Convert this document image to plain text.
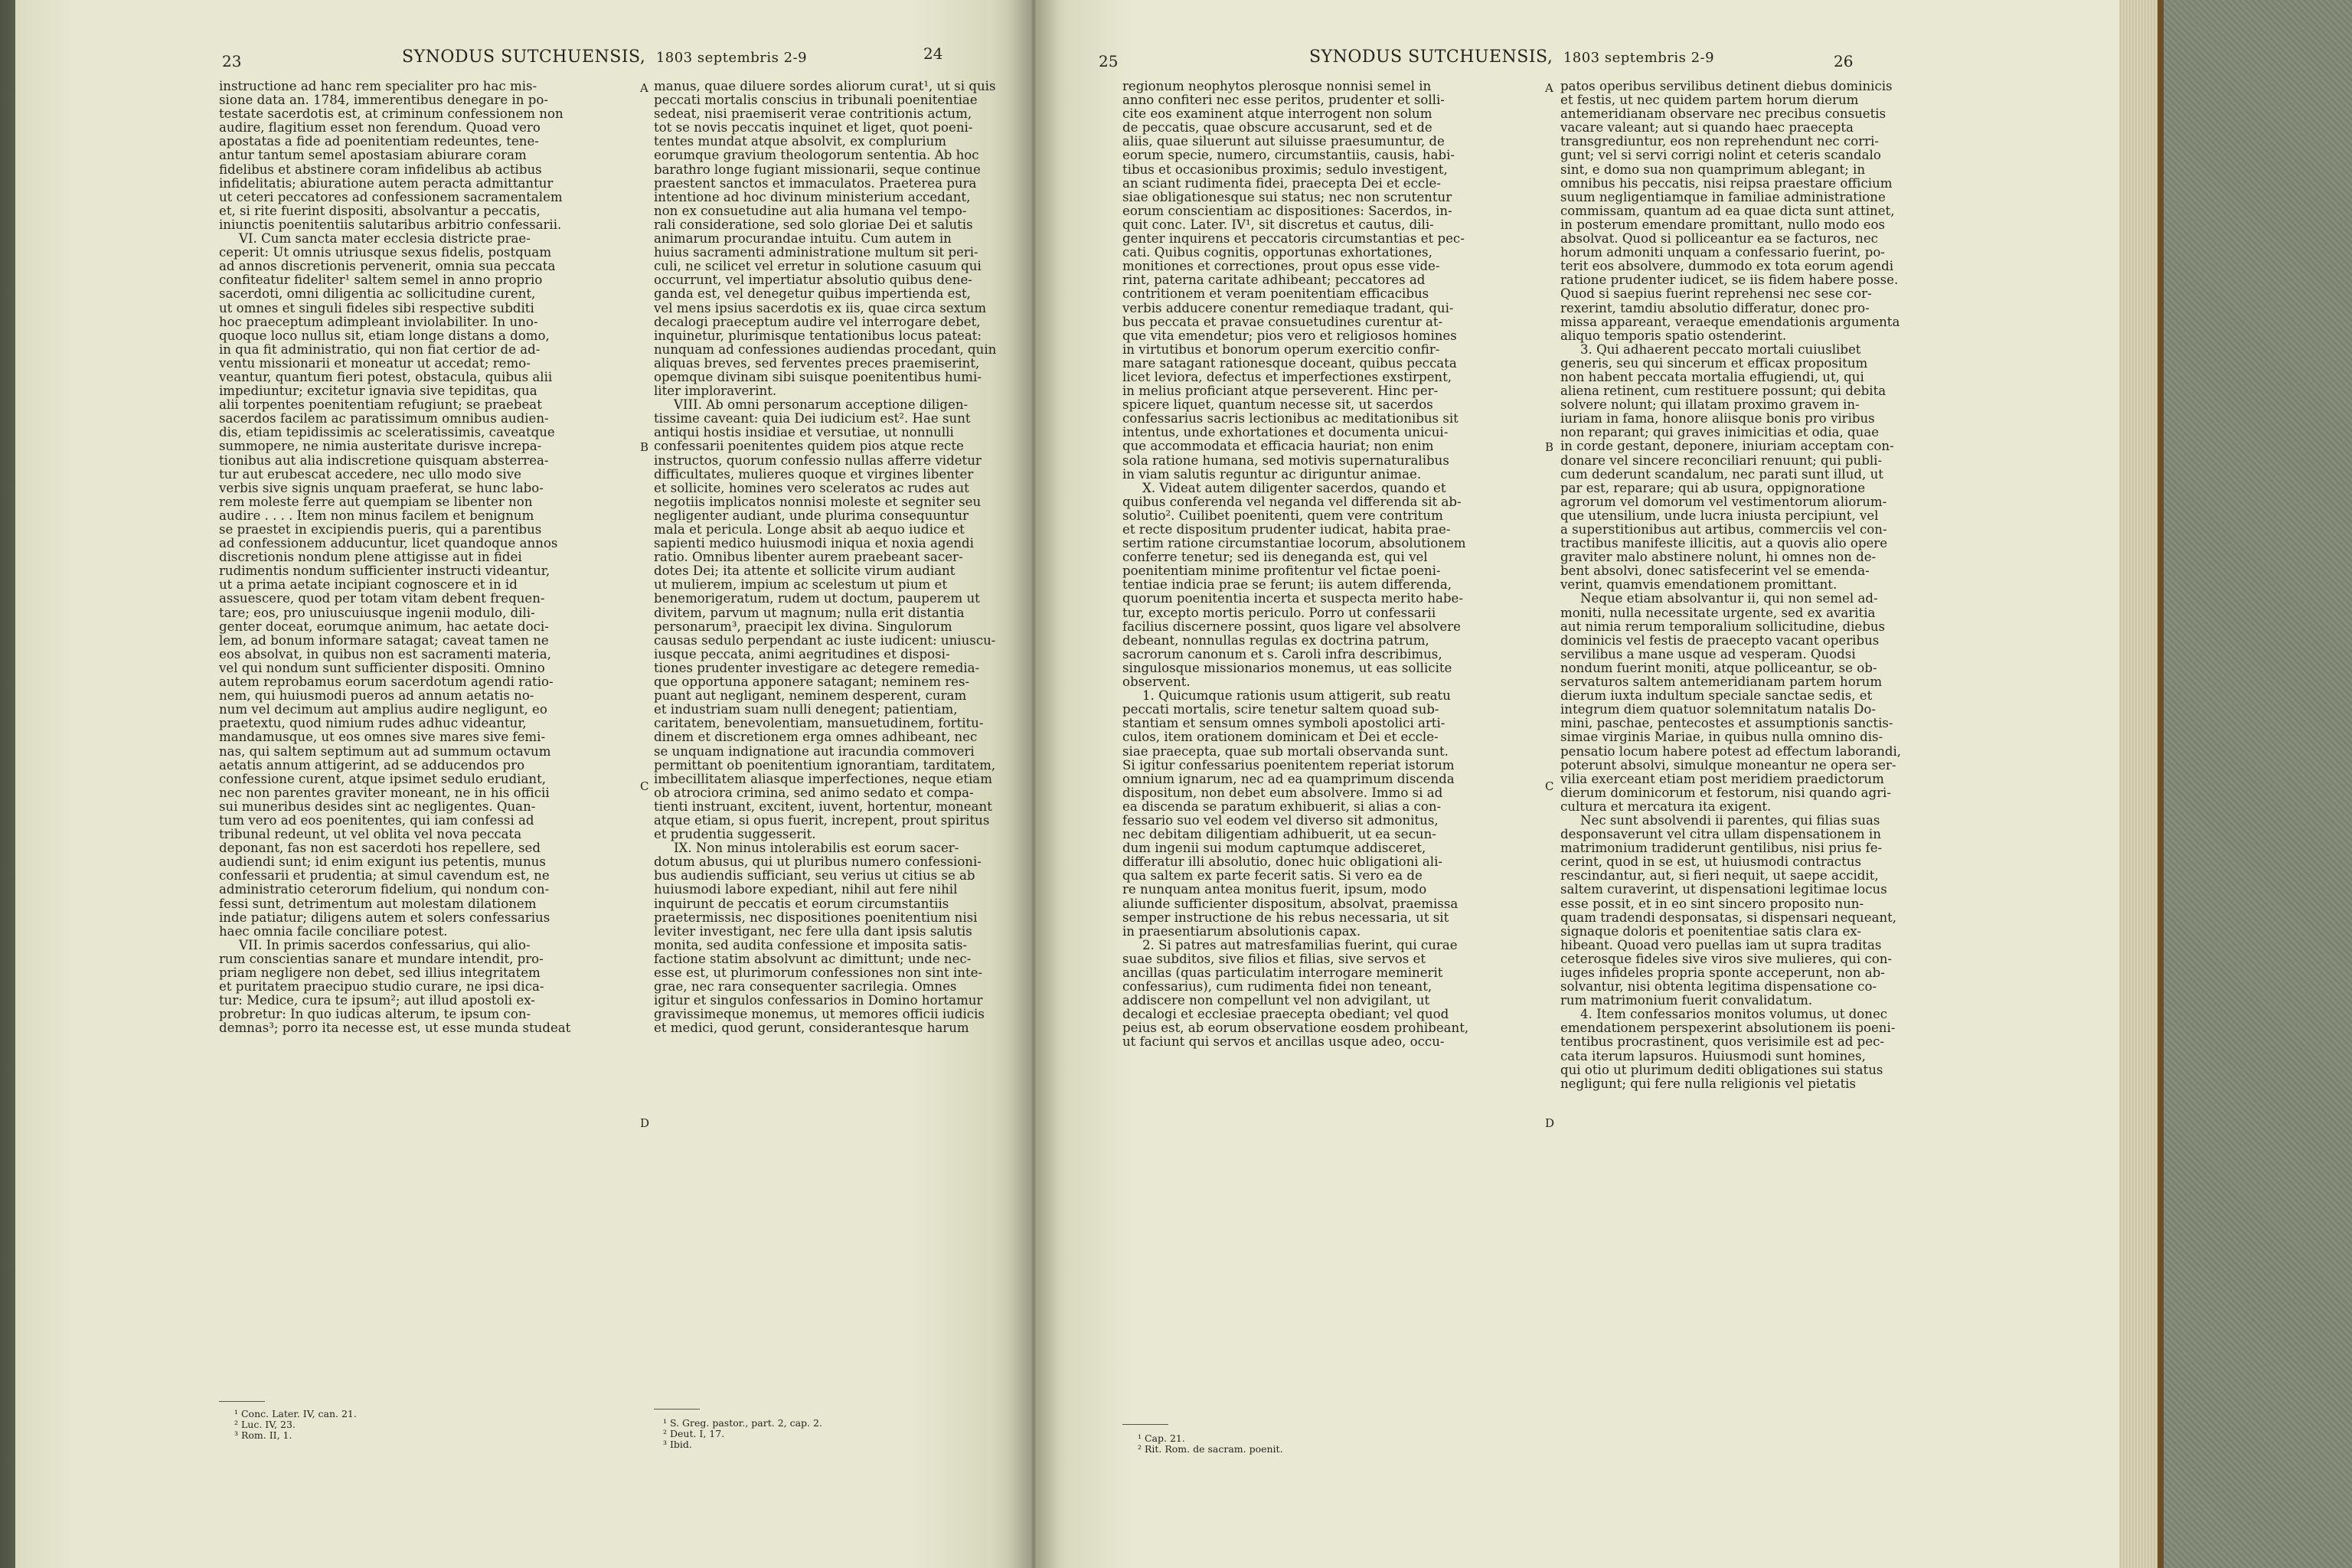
23	24
SYNODUS SUTCHUENSIS, 1803 septembris 2-9

instructione ad hanc rem specialiter pro hac mis-

sione data an. 1784, immerentibus denegare in po-

testate sacerdotis est, at criminum confessionem non

audire, flagitium esset non ferendum. Quoad vero

apostatas a fide ad poenitentiam redeuntes, tene-

antur tantum semel apostasiam abiurare coram

fidelibus et abstinere coram infidelibus ab actibus

infidelitatis; abiuratione autem peracta admittantur

ut ceteri peccatores ad confessionem sacramentalem

et, si rite fuerint dispositi, absolvantur a peccatis,

iniunctis poenitentiis salutaribus arbitrio confessarii.

VI. Cum sancta mater ecclesia districte prae-

ceperit: Ut omnis utriusque sexus fidelis, postquam

ad annos discretionis pervenerit, omnia sua peccata

confiteatur fideliter¹ saltem semel in anno proprio

sacerdoti, omni diligentia ac sollicitudine curent,

ut omnes et singuli fideles sibi respective subditi

hoc praeceptum adimpleant inviolabiliter. In uno-

quoque loco nullus sit, etiam longe distans a domo,

in qua fit administratio, qui non fiat certior de ad-

ventu missionarii et moneatur ut accedat; remo-

veantur, quantum fieri potest, obstacula, quibus alii

impediuntur; excitetur ignavia sive tepiditas, qua

alii torpentes poenitentiam refugiunt; se praebeat

sacerdos facilem ac paratissimum omnibus audien-

dis, etiam tepidissimis ac sceleratissimis, caveatque

summopere, ne nimia austeritate durisve increpa-

tionibus aut alia indiscretione quisquam absterrea-

tur aut erubescat accedere, nec ullo modo sive

verbis sive signis unquam praeferat, se hunc labo-

rem moleste ferre aut quempiam se libenter non

audire . . . . Item non minus facilem et benignum

se praestet in excipiendis pueris, qui a parentibus

ad confessionem adducuntur, licet quandoque annos

discretionis nondum plene attigisse aut in fidei

rudimentis nondum sufficienter instructi videantur,

ut a prima aetate incipiant cognoscere et in id

assuescere, quod per totam vitam debent frequen-

tare; eos, pro uniuscuiusque ingenii modulo, dili-

genter doceat, eorumque animum, hac aetate doci-

lem, ad bonum informare satagat; caveat tamen ne

eos absolvat, in quibus non est sacramenti materia,

vel qui nondum sunt sufficienter dispositi. Omnino

autem reprobamus eorum sacerdotum agendi ratio-

nem, qui huiusmodi pueros ad annum aetatis no-

num vel decimum aut amplius audire negligunt, eo

praetextu, quod nimium rudes adhuc videantur,

mandamusque, ut eos omnes sive mares sive femi-

nas, qui saltem septimum aut ad summum octavum

aetatis annum attigerint, ad se adducendos pro

confessione curent, atque ipsimet sedulo erudiant,

nec non parentes graviter moneant, ne in his officii

sui muneribus desides sint ac negligentes. Quan-

tum vero ad eos poenitentes, qui iam confessi ad

tribunal redeunt, ut vel oblita vel nova peccata

deponant, fas non est sacerdoti hos repellere, sed

audiendi sunt; id enim exigunt ius petentis, munus

confessarii et prudentia; at simul cavendum est, ne

administratio ceterorum fidelium, qui nondum con-

fessi sunt, detrimentum aut molestam dilationem

inde patiatur; diligens autem et solers confessarius

haec omnia facile conciliare potest.

VII. In primis sacerdos confessarius, qui alio-

rum conscientias sanare et mundare intendit, pro-

priam negligere non debet, sed illius integritatem

et puritatem praecipuo studio curare, ne ipsi dica-

tur: Medice, cura te ipsum²; aut illud apostoli ex-

probretur: In quo iudicas alterum, te ipsum con-

demnas³; porro ita necesse est, ut esse munda studeat

manus, quae diluere sordes aliorum curat¹, ut si quis

peccati mortalis conscius in tribunali poenitentiae

sedeat, nisi praemiserit verae contritionis actum,

tot se novis peccatis inquinet et liget, quot poeni-

tentes mundat atque absolvit, ex complurium

eorumque gravium theologorum sententia. Ab hoc

barathro longe fugiant missionarii, seque continue

praestent sanctos et immaculatos. Praeterea pura

intentione ad hoc divinum ministerium accedant,

non ex consuetudine aut alia humana vel tempo-

rali consideratione, sed solo gloriae Dei et salutis

animarum procurandae intuitu. Cum autem in

huius sacramenti administratione multum sit peri-

culi, ne scilicet vel erretur in solutione casuum qui

occurrunt, vel impertiatur absolutio quibus dene-

ganda est, vel denegetur quibus impertienda est,

vel mens ipsius sacerdotis ex iis, quae circa sextum

decalogi praeceptum audire vel interrogare debet,

inquinetur, plurimisque tentationibus locus pateat:

nunquam ad confessiones audiendas procedant, quin

aliquas breves, sed ferventes preces praemiserint,

opemque divinam sibi suisque poenitentibus humi-

liter imploraverint.

VIII. Ab omni personarum acceptione diligen-

tissime caveant: quia Dei iudicium est². Hae sunt

antiqui hostis insidiae et versutiae, ut nonnulli

confessarii poenitentes quidem pios atque recte

instructos, quorum confessio nullas afferre videtur

difficultates, mulieres quoque et virgines libenter

et sollicite, homines vero sceleratos ac rudes aut

negotiis implicatos nonnisi moleste et segniter seu

negligenter audiant, unde plurima consequuntur

mala et pericula. Longe absit ab aequo iudice et

sapienti medico huiusmodi iniqua et noxia agendi

ratio. Omnibus libenter aurem praebeant sacer-

dotes Dei; ita attente et sollicite virum audiant

ut mulierem, impium ac scelestum ut pium et

benemorigeratum, rudem ut doctum, pauperem ut

divitem, parvum ut magnum; nulla erit distantia

personarum³, praecipit lex divina. Singulorum

causas sedulo perpendant ac iuste iudicent: uniuscu-

iusque peccata, animi aegritudines et disposi-

tiones prudenter investigare ac detegere remedia-

que opportuna apponere satagant; neminem res-

puant aut negligant, neminem desperent, curam

et industriam suam nulli denegent; patientiam,

caritatem, benevolentiam, mansuetudinem, fortitu-

dinem et discretionem erga omnes adhibeant, nec

se unquam indignatione aut iracundia commoveri

permittant ob poenitentium ignorantiam, tarditatem,

imbecillitatem aliasque imperfectiones, neque etiam

ob atrociora crimina, sed animo sedato et compa-

tienti instruant, excitent, iuvent, hortentur, moneant

atque etiam, si opus fuerit, increpent, prout spiritus

et prudentia suggesserit.

IX. Non minus intolerabilis est eorum sacer-

dotum abusus, qui ut pluribus numero confessioni-

bus audiendis sufficiant, seu verius ut citius se ab

huiusmodi labore expediant, nihil aut fere nihil

inquirunt de peccatis et eorum circumstantiis

praetermissis, nec dispositiones poenitentium nisi

leviter investigant, nec fere ulla dant ipsis salutis

monita, sed audita confessione et imposita satis-

factione statim absolvunt ac dimittunt; unde nec-

esse est, ut plurimorum confessiones non sint inte-

grae, nec rara consequenter sacrilegia. Omnes

igitur et singulos confessarios in Domino hortamur

gravissimeque monemus, ut memores officii iudicis

et medici, quod gerunt, considerantesque harum

A
B
C
D
¹ Conc. Later. IV, can. 21.
² Luc. IV, 23.
³ Rom. II, 1.
¹ S. Greg. pastor., part. 2, cap. 2.
² Deut. I, 17.
³ Ibid.
25	26
SYNODUS SUTCHUENSIS, 1803 septembris 2-9

regionum neophytos plerosque nonnisi semel in

anno confiteri nec esse peritos, prudenter et solli-

cite eos examinent atque interrogent non solum

de peccatis, quae obscure accusarunt, sed et de

aliis, quae siluerunt aut siluisse praesumuntur, de

eorum specie, numero, circumstantiis, causis, habi-

tibus et occasionibus proximis; sedulo investigent,

an sciant rudimenta fidei, praecepta Dei et eccle-

siae obligationesque sui status; nec non scrutentur

eorum conscientiam ac dispositiones: Sacerdos, in-

quit conc. Later. IV¹, sit discretus et cautus, dili-

genter inquirens et peccatoris circumstantias et pec-

cati. Quibus cognitis, opportunas exhortationes,

monitiones et correctiones, prout opus esse vide-

rint, paterna caritate adhibeant; peccatores ad

contritionem et veram poenitentiam efficacibus

verbis adducere conentur remediaque tradant, qui-

bus peccata et pravae consuetudines curentur at-

que vita emendetur; pios vero et religiosos homines

in virtutibus et bonorum operum exercitio confir-

mare satagant rationesque doceant, quibus peccata

licet leviora, defectus et imperfectiones exstirpent,

in melius proficiant atque perseverent. Hinc per-

spicere liquet, quantum necesse sit, ut sacerdos

confessarius sacris lectionibus ac meditationibus sit

intentus, unde exhortationes et documenta unicui-

que accommodata et efficacia hauriat; non enim

sola ratione humana, sed motivis supernaturalibus

in viam salutis reguntur ac diriguntur animae.

X. Videat autem diligenter sacerdos, quando et

quibus conferenda vel neganda vel differenda sit ab-

solutio². Cuilibet poenitenti, quem vere contritum

et recte dispositum prudenter iudicat, habita prae-

sertim ratione circumstantiae locorum, absolutionem

conferre tenetur; sed iis deneganda est, qui vel

poenitentiam minime profitentur vel fictae poeni-

tentiae indicia prae se ferunt; iis autem differenda,

quorum poenitentia incerta et suspecta merito habe-

tur, excepto mortis periculo. Porro ut confessarii

facilius discernere possint, quos ligare vel absolvere

debeant, nonnullas regulas ex doctrina patrum,

sacrorum canonum et s. Caroli infra describimus,

singulosque missionarios monemus, ut eas sollicite

observent.

1. Quicumque rationis usum attigerit, sub reatu

peccati mortalis, scire tenetur saltem quoad sub-

stantiam et sensum omnes symboli apostolici arti-

culos, item orationem dominicam et Dei et eccle-

siae praecepta, quae sub mortali observanda sunt.

Si igitur confessarius poenitentem reperiat istorum

omnium ignarum, nec ad ea quamprimum discenda

dispositum, non debet eum absolvere. Immo si ad

ea discenda se paratum exhibuerit, si alias a con-

fessario suo vel eodem vel diverso sit admonitus,

nec debitam diligentiam adhibuerit, ut ea secun-

dum ingenii sui modum captumque addisceret,

differatur illi absolutio, donec huic obligationi ali-

qua saltem ex parte fecerit satis. Si vero ea de

re nunquam antea monitus fuerit, ipsum, modo

aliunde sufficienter dispositum, absolvat, praemissa

semper instructione de his rebus necessaria, ut sit

in praesentiarum absolutionis capax.

2. Si patres aut matresfamilias fuerint, qui curae

suae subditos, sive filios et filias, sive servos et

ancillas (quas particulatim interrogare meminerit

confessarius), cum rudimenta fidei non teneant,

addiscere non compellunt vel non advigilant, ut

decalogi et ecclesiae praecepta obediant; vel quod

peius est, ab eorum observatione eosdem prohibeant,

ut faciunt qui servos et ancillas usque adeo, occu-

patos operibus servilibus detinent diebus dominicis

et festis, ut nec quidem partem horum dierum

antemeridianam observare nec precibus consuetis

vacare valeant; aut si quando haec praecepta

transgrediuntur, eos non reprehendunt nec corri-

gunt; vel si servi corrigi nolint et ceteris scandalo

sint, e domo sua non quamprimum ablegant; in

omnibus his peccatis, nisi reipsa praestare officium

suum negligentiamque in familiae administratione

commissam, quantum ad ea quae dicta sunt attinet,

in posterum emendare promittant, nullo modo eos

absolvat. Quod si polliceantur ea se facturos, nec

horum admoniti unquam a confessario fuerint, po-

terit eos absolvere, dummodo ex tota eorum agendi

ratione prudenter iudicet, se iis fidem habere posse.

Quod si saepius fuerint reprehensi nec sese cor-

rexerint, tamdiu absolutio differatur, donec pro-

missa appareant, veraeque emendationis argumenta

aliquo temporis spatio ostenderint.

3. Qui adhaerent peccato mortali cuiuslibet

generis, seu qui sincerum et efficax propositum

non habent peccata mortalia effugiendi, ut, qui

aliena retinent, cum restituere possunt; qui debita

solvere nolunt; qui illatam proximo gravem in-

iuriam in fama, honore aliisque bonis pro viribus

non reparant; qui graves inimicitias et odia, quae

in corde gestant, deponere, iniuriam acceptam con-

donare vel sincere reconciliari renuunt; qui publi-

cum dederunt scandalum, nec parati sunt illud, ut

par est, reparare; qui ab usura, oppignoratione

agrorum vel domorum vel vestimentorum aliorum-

que utensilium, unde lucra iniusta percipiunt, vel

a superstitionibus aut artibus, commerciis vel con-

tractibus manifeste illicitis, aut a quovis alio opere

graviter malo abstinere nolunt, hi omnes non de-

bent absolvi, donec satisfecerint vel se emenda-

verint, quamvis emendationem promittant.

Neque etiam absolvantur ii, qui non semel ad-

moniti, nulla necessitate urgente, sed ex avaritia

aut nimia rerum temporalium sollicitudine, diebus

dominicis vel festis de praecepto vacant operibus

servilibus a mane usque ad vesperam. Quodsi

nondum fuerint moniti, atque polliceantur, se ob-

servaturos saltem antemeridianam partem horum

dierum iuxta indultum speciale sanctae sedis, et

integrum diem quatuor solemnitatum natalis Do-

mini, paschae, pentecostes et assumptionis sanctis-

simae virginis Mariae, in quibus nulla omnino dis-

pensatio locum habere potest ad effectum laborandi,

poterunt absolvi, simulque moneantur ne opera ser-

vilia exerceant etiam post meridiem praedictorum

dierum dominicorum et festorum, nisi quando agri-

cultura et mercatura ita exigent.

Nec sunt absolvendi ii parentes, qui filias suas

desponsaverunt vel citra ullam dispensationem in

matrimonium tradiderunt gentilibus, nisi prius fe-

cerint, quod in se est, ut huiusmodi contractus

rescindantur, aut, si fieri nequit, ut saepe accidit,

saltem curaverint, ut dispensationi legitimae locus

esse possit, et in eo sint sincero proposito nun-

quam tradendi desponsatas, si dispensari nequeant,

signaque doloris et poenitentiae satis clara ex-

hibeant. Quoad vero puellas iam ut supra traditas

ceterosque fideles sive viros sive mulieres, qui con-

iuges infideles propria sponte acceperunt, non ab-

solvantur, nisi obtenta legitima dispensatione co-

rum matrimonium fuerit convalidatum.

4. Item confessarios monitos volumus, ut donec

emendationem perspexerint absolutionem iis poeni-

tentibus procrastinent, quos verisimile est ad pec-

cata iterum lapsuros. Huiusmodi sunt homines,

qui otio ut plurimum dediti obligationes sui status

negligunt; qui fere nulla religionis vel pietatis

A
B
C
D
¹ Cap. 21.
² Rit. Rom. de sacram. poenit.
